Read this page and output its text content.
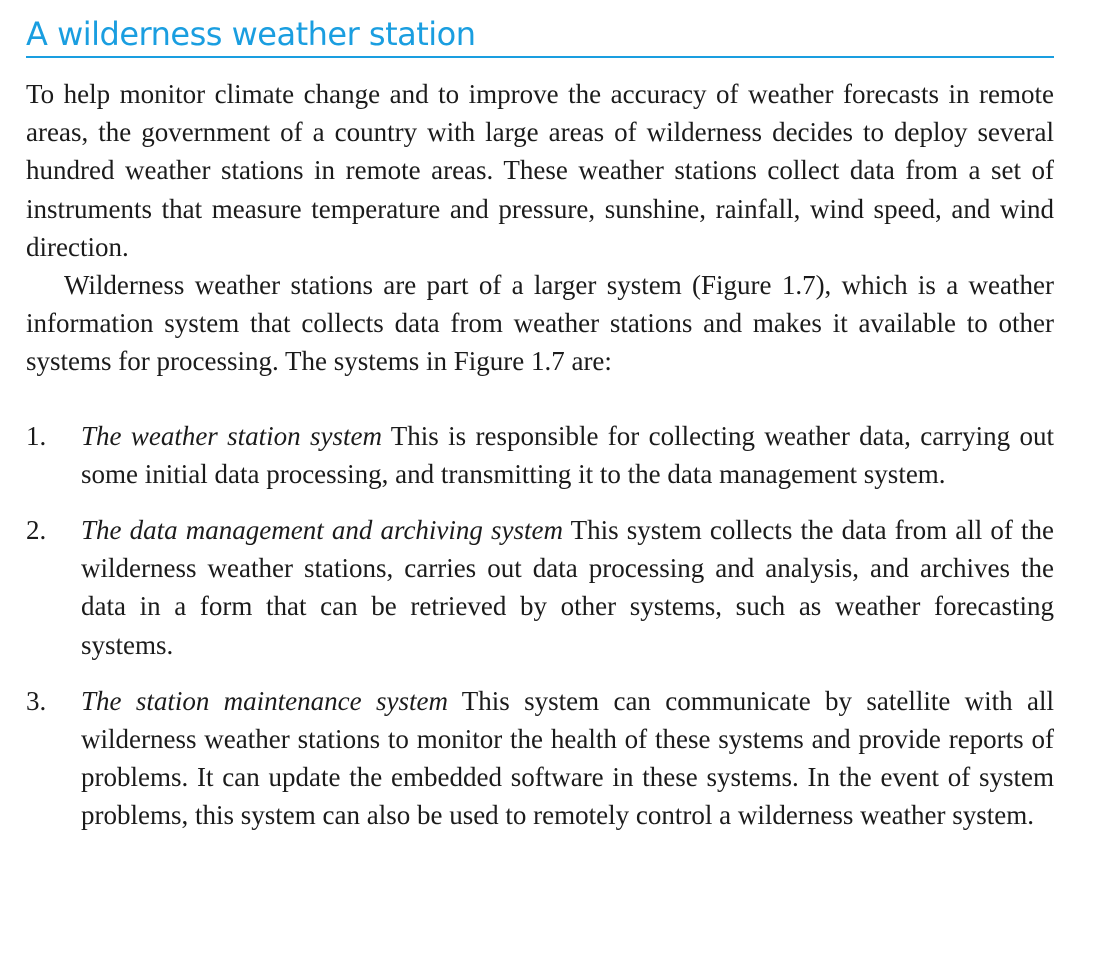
A wilderness weather station

To help monitor climate change and to improve the accuracy of weather forecasts in remote areas, the government of a country with large areas of wilderness decides to deploy several hundred weather stations in remote areas. These weather stations collect data from a set of instruments that measure temperature and pressure, sunshine, rainfall, wind speed, and wind direction.

Wilderness weather stations are part of a larger system (Figure 1.7), which is a weather information system that collects data from weather stations and makes it available to other systems for processing. The systems in Figure 1.7 are:

1. The weather station system This is responsible for collecting weather data, carrying out some initial data processing, and transmitting it to the data management system.
2. The data management and archiving system This system collects the data from all of the wilderness weather stations, carries out data processing and analysis, and archives the data in a form that can be retrieved by other systems, such as weather forecasting systems.
3. The station maintenance system This system can communicate by satellite with all wilderness weather stations to monitor the health of these systems and provide reports of problems. It can update the embedded software in these systems. In the event of system problems, this system can also be used to remotely control a wilderness weather system.
